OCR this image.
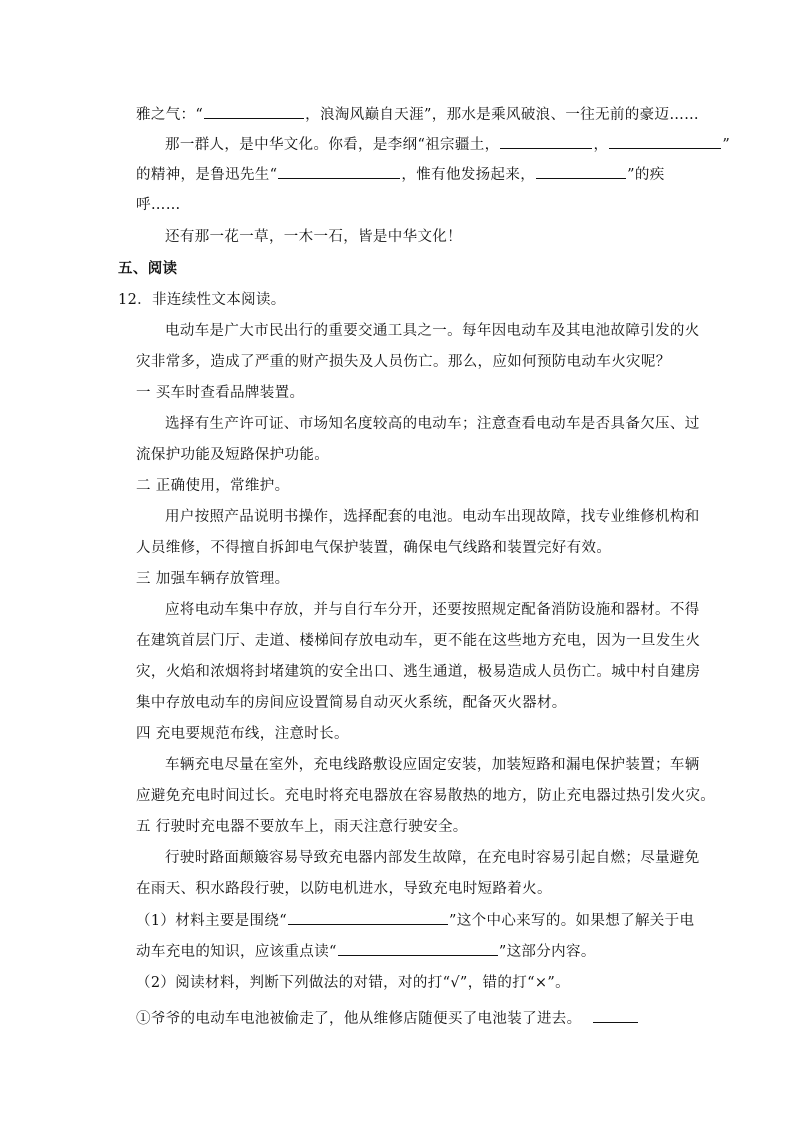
雅之气：“	，浪淘风巅自天涯”，那水是乘风破浪、一往无前的豪迈……
那一群人，是中华文化。你看，是李纲“祖宗疆土，	，	”
的精神，是鲁迅先生“	，惟有他发扬起来，	”的疾
呼……
还有那一花一草，一木一石，皆是中华文化！
五、阅读
12．非连续性文本阅读。
电动车是广大市民出行的重要交通工具之一。每年因电动车及其电池故障引发的火
灾非常多，造成了严重的财产损失及人员伤亡。那么，应如何预防电动车火灾呢？
一 买车时查看品牌装置。
选择有生产许可证、市场知名度较高的电动车；注意查看电动车是否具备欠压、过
流保护功能及短路保护功能。
二 正确使用，常维护。
用户按照产品说明书操作，选择配套的电池。电动车出现故障，找专业维修机构和
人员维修，不得擅自拆卸电气保护装置，确保电气线路和装置完好有效。
三 加强车辆存放管理。
应将电动车集中存放，并与自行车分开，还要按照规定配备消防设施和器材。不得
在建筑首层门厅、走道、楼梯间存放电动车，更不能在这些地方充电，因为一旦发生火
灾，火焰和浓烟将封堵建筑的安全出口、逃生通道，极易造成人员伤亡。城中村自建房
集中存放电动车的房间应设置简易自动灭火系统，配备灭火器材。
四 充电要规范布线，注意时长。
车辆充电尽量在室外，充电线路敷设应固定安装，加装短路和漏电保护装置；车辆
应避免充电时间过长。充电时将充电器放在容易散热的地方，防止充电器过热引发火灾。
五 行驶时充电器不要放车上，雨天注意行驶安全。
行驶时路面颠簸容易导致充电器内部发生故障，在充电时容易引起自燃；尽量避免
在雨天、积水路段行驶，以防电机进水，导致充电时短路着火。
（1）材料主要是围绕“	”这个中心来写的。如果想了解关于电
动车充电的知识，应该重点读“	”这部分内容。
（2）阅读材料，判断下列做法的对错，对的打“√”，错的打“×”。
①爷爷的电动车电池被偷走了，他从维修店随便买了电池装了进去。
